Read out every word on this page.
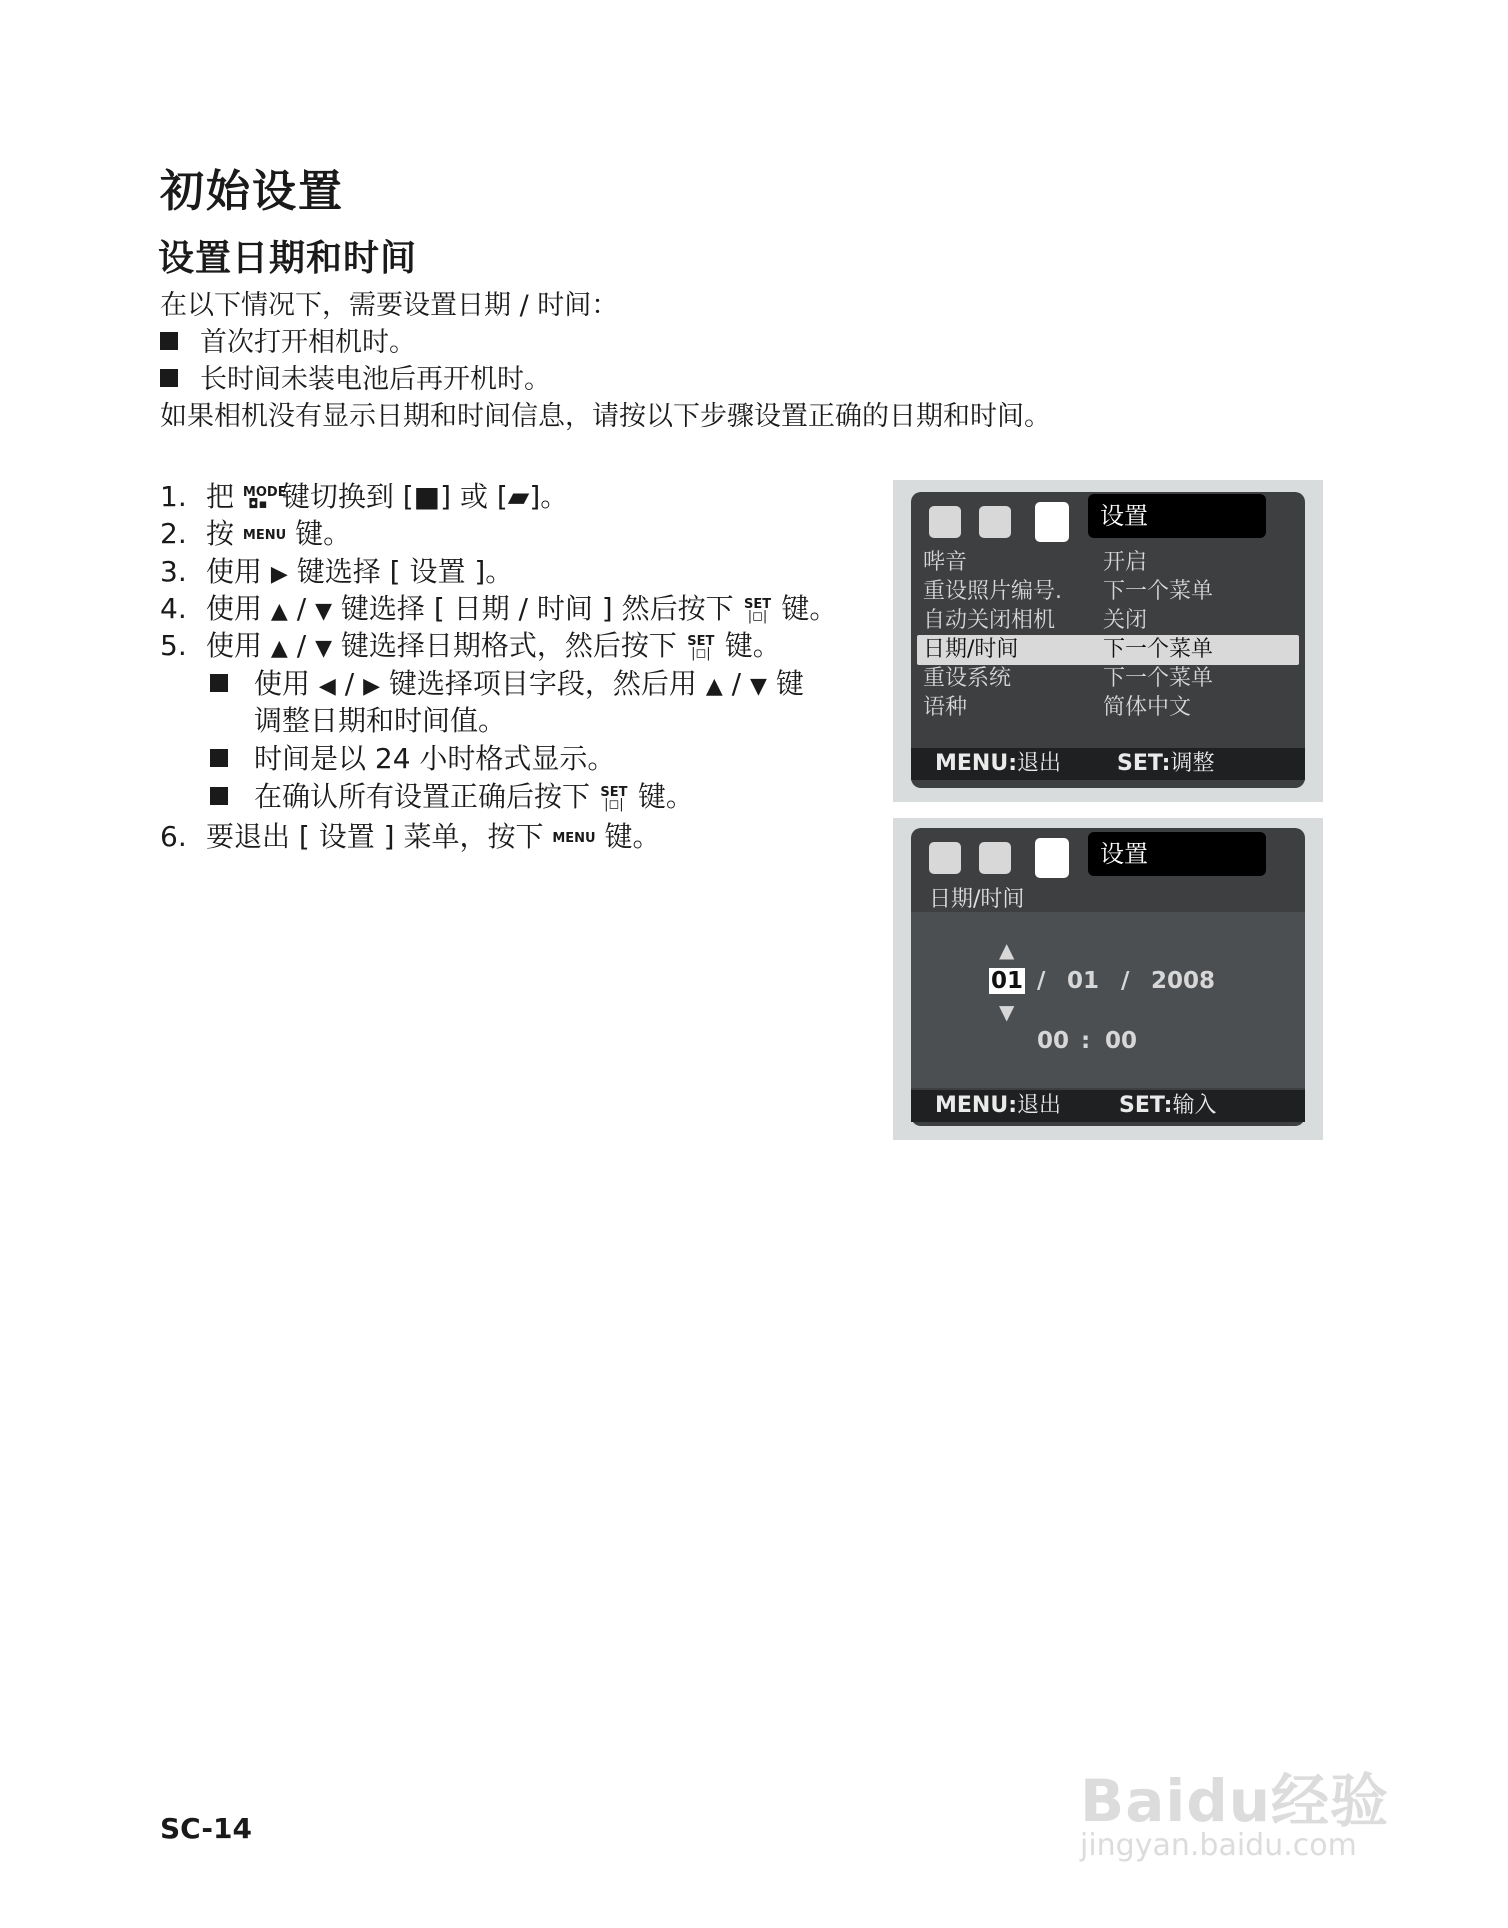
初始设置
设置日期和时间
在以下情况下，需要设置日期 / 时间：
首次打开相机时。
长时间未装电池后再开机时。
如果相机没有显示日期和时间信息，请按以下步骤设置正确的日期和时间。
1. 把 MODE
◘▪ 键切换到 [■] 或 [▰]。
2. 按 MENU 键。
3. 使用 ▶ 键选择 [ 设置 ]。
4. 使用 ▲ / ▼ 键选择 [ 日期 / 时间 ] 然后按下 SET
|◻| 键。
5. 使用 ▲ / ▼ 键选择日期格式，然后按下 SET
|◻| 键。
使用 ◀ / ▶ 键选择项目字段，然后用 ▲ / ▼ 键
调整日期和时间值。
时间是以 24 小时格式显示。
在确认所有设置正确后按下 SET
|◻| 键。
6. 要退出 [ 设置 ] 菜单，按下 MENU 键。
设置
哔音	开启
重设照片编号. 下一个菜单
自动关闭相机 关闭
日期/时间	下一个菜单
重设系统	下一个菜单
语种	简体中文
MENU:退出	SET:调整
设置
日期/时间
▲
01 / 01 / 2008
▼
00 : 00
MENU:退出	SET:输入
SC-14	Baidu经验
jingyan.baidu.com
